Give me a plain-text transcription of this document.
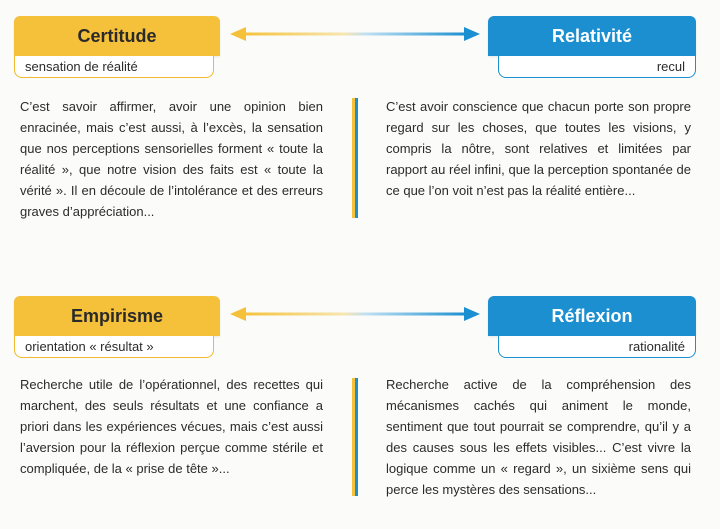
Certitude
sensation de réalité
Relativité
recul
C’est savoir affirmer, avoir une opinion bien enracinée, mais c’est aussi, à l’excès, la sensation que nos perceptions sensorielles forment « toute la réalité », que notre vision des faits est « toute la vérité ». Il en découle de l’intolérance et des erreurs graves d’appréciation...
C’est avoir conscience que chacun porte son propre regard sur les choses, que toutes les visions, y compris la nôtre, sont relatives et limitées par rapport au réel infini, que la perception spontanée de ce que l’on voit n’est pas la réalité entière...
Empirisme
orientation « résultat »
Réflexion
rationalité
Recherche utile de l’opérationnel, des recettes qui marchent, des seuls résultats et une confiance a priori dans les expériences vécues, mais c’est aussi l’aversion pour la réflexion perçue comme stérile et compliquée, de la « prise de tête »...
Recherche active de la compréhension des mécanismes cachés qui animent le monde, sentiment que tout pourrait se comprendre, qu’il y a des causes sous les effets visibles... C’est vivre la logique comme un « regard », un sixième sens qui perce les mystères des sensations...
